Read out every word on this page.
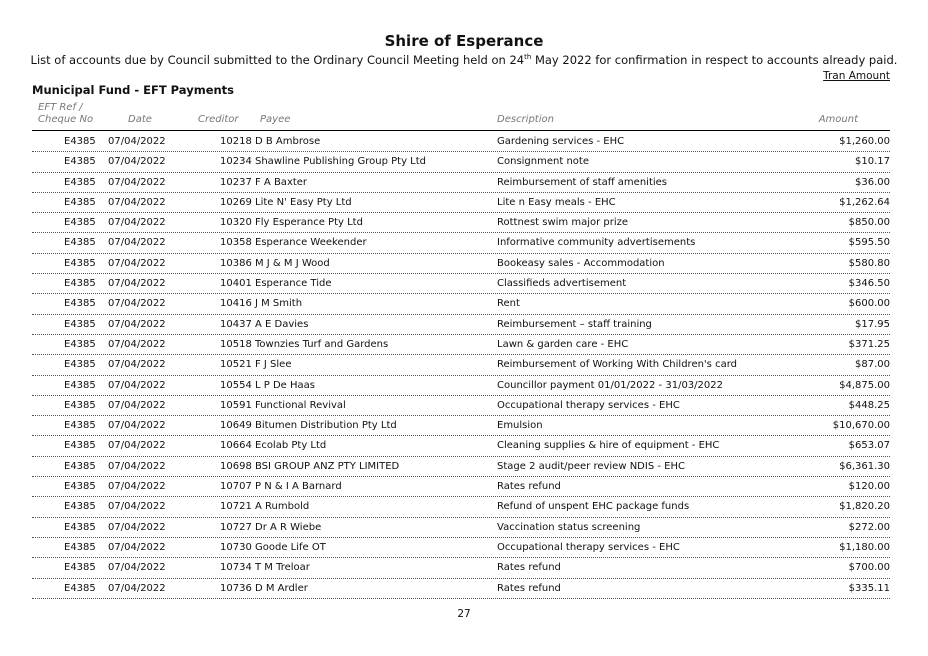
Shire of Esperance
List of accounts due by Council submitted to the Ordinary Council Meeting held on 24th May 2022 for confirmation in respect to accounts already paid.
Tran Amount
Municipal Fund - EFT Payments
EFT Ref /
Cheque No	Date	Creditor Payee	Description	Amount
E4385 07/04/2022	10218 D B Ambrose	Gardening services - EHC	$1,260.00
E4385 07/04/2022	10234 Shawline Publishing Group Pty Ltd	Consignment note	$10.17
E4385 07/04/2022	10237 F A Baxter	Reimbursement of staff amenities	$36.00
E4385 07/04/2022	10269 Lite N' Easy Pty Ltd	Lite n Easy meals - EHC	$1,262.64
E4385 07/04/2022	10320 Fly Esperance Pty Ltd	Rottnest swim major prize	$850.00
E4385 07/04/2022	10358 Esperance Weekender	Informative community advertisements	$595.50
E4385 07/04/2022	10386 M J & M J Wood	Bookeasy sales - Accommodation	$580.80
E4385 07/04/2022	10401 Esperance Tide	Classifieds advertisement	$346.50
E4385 07/04/2022	10416 J M Smith	Rent	$600.00
E4385 07/04/2022	10437 A E Davies	Reimbursement – staff training	$17.95
E4385 07/04/2022	10518 Townzies Turf and Gardens	Lawn & garden care - EHC	$371.25
E4385 07/04/2022	10521 F J Slee	Reimbursement of Working With Children's card	$87.00
E4385 07/04/2022	10554 L P De Haas	Councillor payment 01/01/2022 - 31/03/2022	$4,875.00
E4385 07/04/2022	10591 Functional Revival	Occupational therapy services - EHC	$448.25
E4385 07/04/2022	10649 Bitumen Distribution Pty Ltd	Emulsion	$10,670.00
E4385 07/04/2022	10664 Ecolab Pty Ltd	Cleaning supplies & hire of equipment - EHC	$653.07
E4385 07/04/2022	10698 BSI GROUP ANZ PTY LIMITED	Stage 2 audit/peer review NDIS - EHC	$6,361.30
E4385 07/04/2022	10707 P N & I A Barnard	Rates refund	$120.00
E4385 07/04/2022	10721 A Rumbold	Refund of unspent EHC package funds	$1,820.20
E4385 07/04/2022	10727 Dr A R Wiebe	Vaccination status screening	$272.00
E4385 07/04/2022	10730 Goode Life OT	Occupational therapy services - EHC	$1,180.00
E4385 07/04/2022	10734 T M Treloar	Rates refund	$700.00
E4385 07/04/2022	10736 D M Ardler	Rates refund	$335.11
27
